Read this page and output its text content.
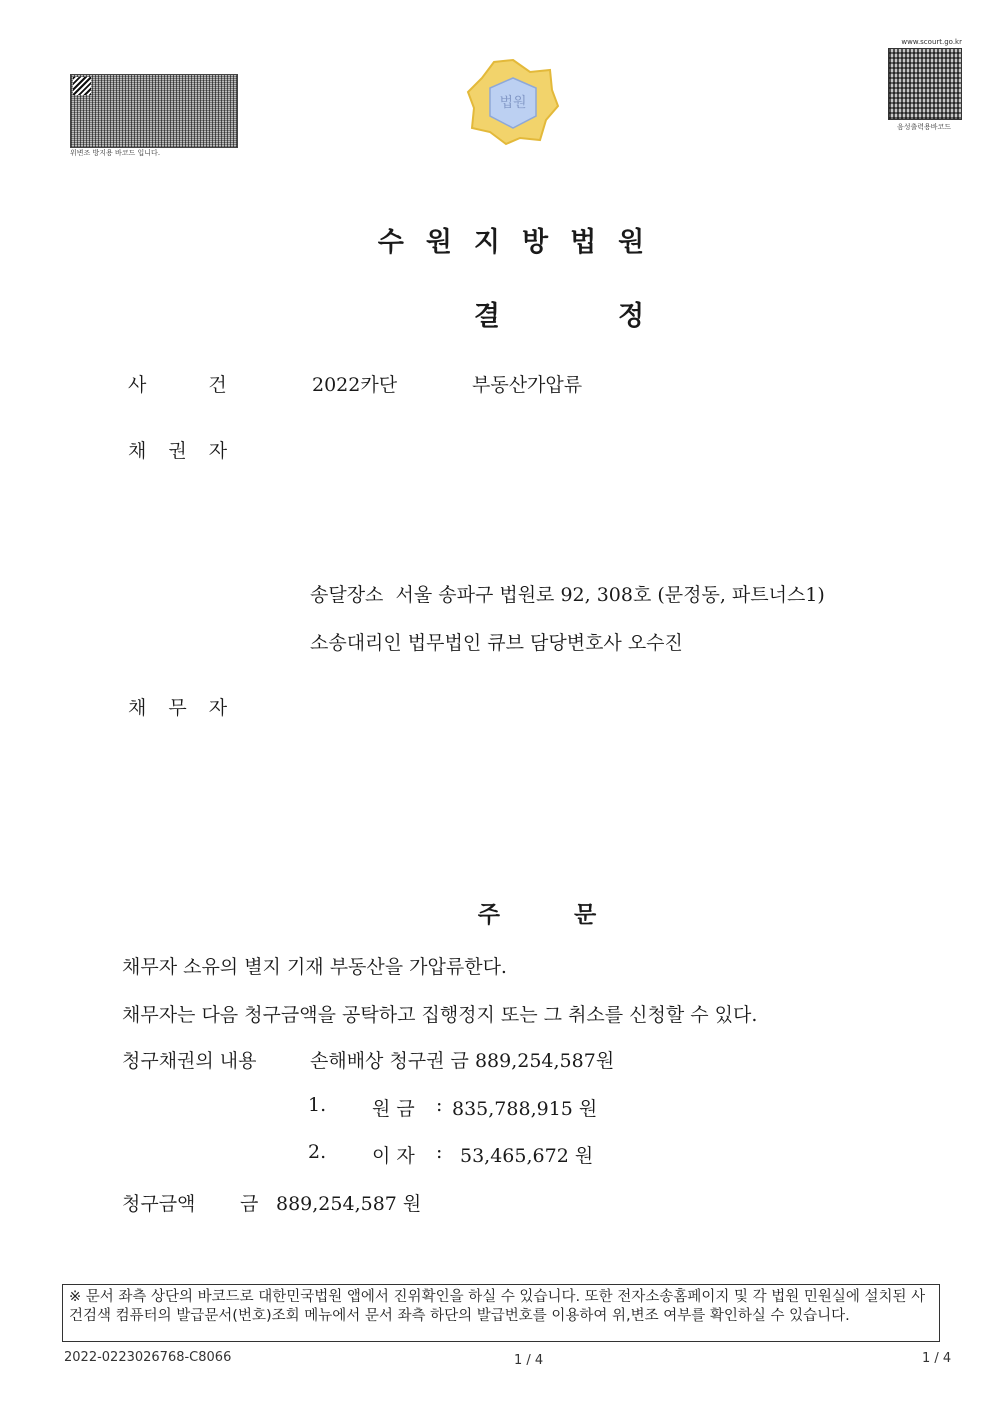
위변조 방지용 바코드 입니다.
법원
www.scourt.go.kr
음성출력용바코드
수원지방법원
결정
사건 2022카단	부동산가압류
채권자
송달장소  서울 송파구 법원로 92, 308호 (문정동, 파트너스1)
소송대리인 법무법인 큐브 담당변호사 오수진
채무자
주문
채무자 소유의 별지 기재 부동산을 가압류한다.
채무자는 다음 청구금액을 공탁하고 집행정지 또는 그 취소를 신청할 수 있다.
청구채권의 내용	손해배상 청구권 금 889,254,587원
1. 원 금 : 835,788,915 원
2. 이 자 : 53,465,672 원
청구금액 금 889,254,587 원
※ 문서 좌측 상단의 바코드로 대한민국법원 앱에서 진위확인을 하실 수 있습니다. 또한 전자소송홈페이지 및 각 법원 민원실에 설치된 사건검색 컴퓨터의 발급문서(번호)조회 메뉴에서 문서 좌측 하단의 발급번호를 이용하여 위,변조 여부를 확인하실 수 있습니다.
2022-0223026768-C8066	1 / 4	1 / 4
